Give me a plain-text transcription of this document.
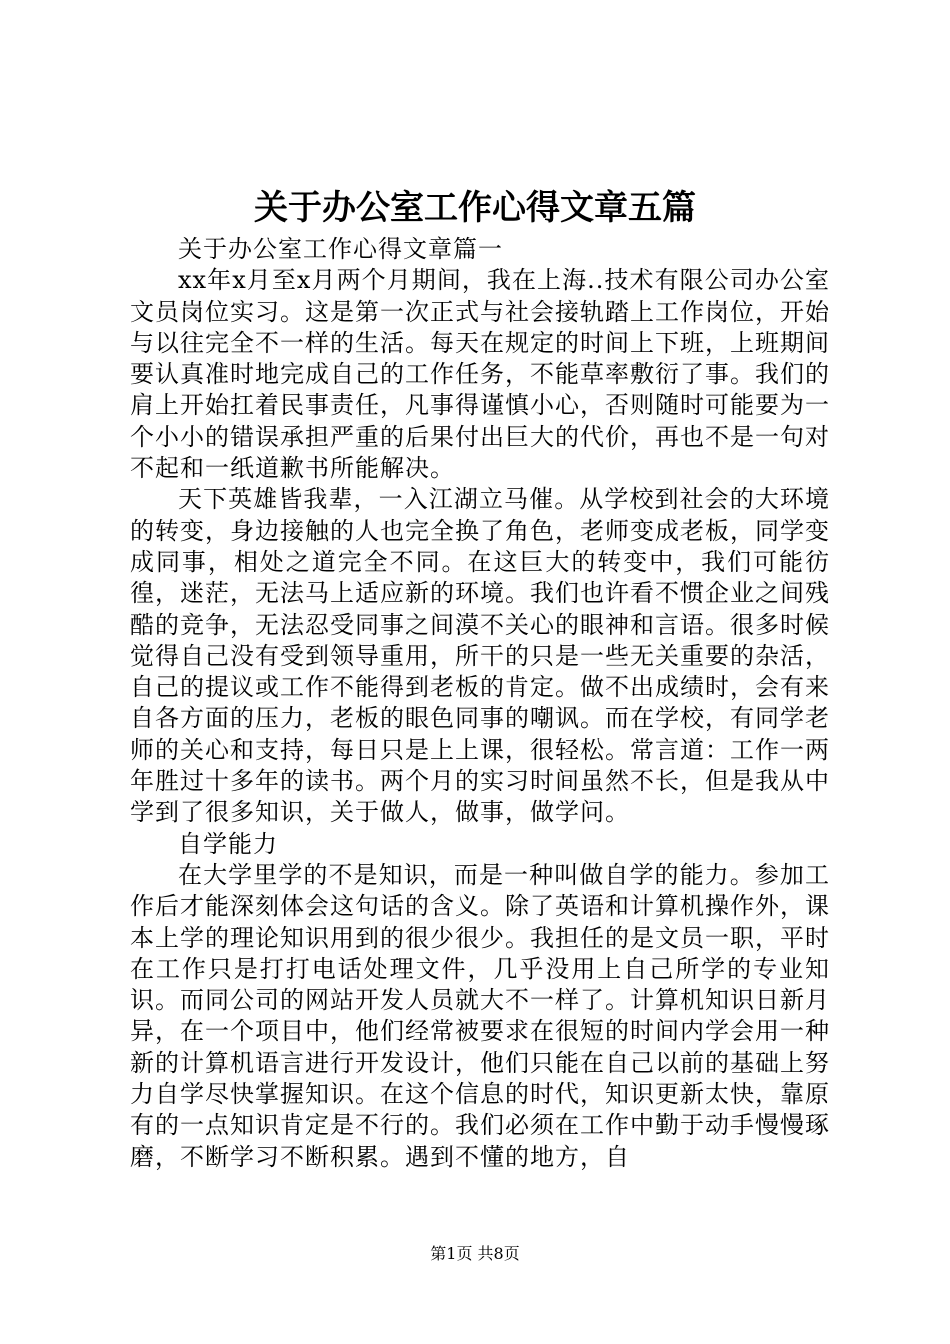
关于办公室工作心得文章五篇

关于办公室工作心得文章篇一

xx年x月至x月两个月期间，我在上海..技术有限公司办公室文员岗位实习。这是第一次正式与社会接轨踏上工作岗位，开始与以往完全不一样的生活。每天在规定的时间上下班，上班期间要认真准时地完成自己的工作任务，不能草率敷衍了事。我们的肩上开始扛着民事责任，凡事得谨慎小心，否则随时可能要为一个小小的错误承担严重的后果付出巨大的代价，再也不是一句对不起和一纸道歉书所能解决。

天下英雄皆我辈，一入江湖立马催。从学校到社会的大环境的转变，身边接触的人也完全换了角色，老师变成老板，同学变成同事，相处之道完全不同。在这巨大的转变中，我们可能彷徨，迷茫，无法马上适应新的环境。我们也许看不惯企业之间残酷的竞争，无法忍受同事之间漠不关心的眼神和言语。很多时候觉得自己没有受到领导重用，所干的只是一些无关重要的杂活，自己的提议或工作不能得到老板的肯定。做不出成绩时，会有来自各方面的压力，老板的眼色同事的嘲讽。而在学校，有同学老师的关心和支持，每日只是上上课，很轻松。常言道：工作一两年胜过十多年的读书。两个月的实习时间虽然不长，但是我从中学到了很多知识，关于做人，做事，做学问。

自学能力

在大学里学的不是知识，而是一种叫做自学的能力。参加工作后才能深刻体会这句话的含义。除了英语和计算机操作外，课本上学的理论知识用到的很少很少。我担任的是文员一职，平时在工作只是打打电话处理文件，几乎没用上自己所学的专业知识。而同公司的网站开发人员就大不一样了。计算机知识日新月异，在一个项目中，他们经常被要求在很短的时间内学会用一种新的计算机语言进行开发设计，他们只能在自己以前的基础上努力自学尽快掌握知识。在这个信息的时代，知识更新太快，靠原有的一点知识肯定是不行的。我们必须在工作中勤于动手慢慢琢磨，不断学习不断积累。遇到不懂的地方，自

第1页 共8页
